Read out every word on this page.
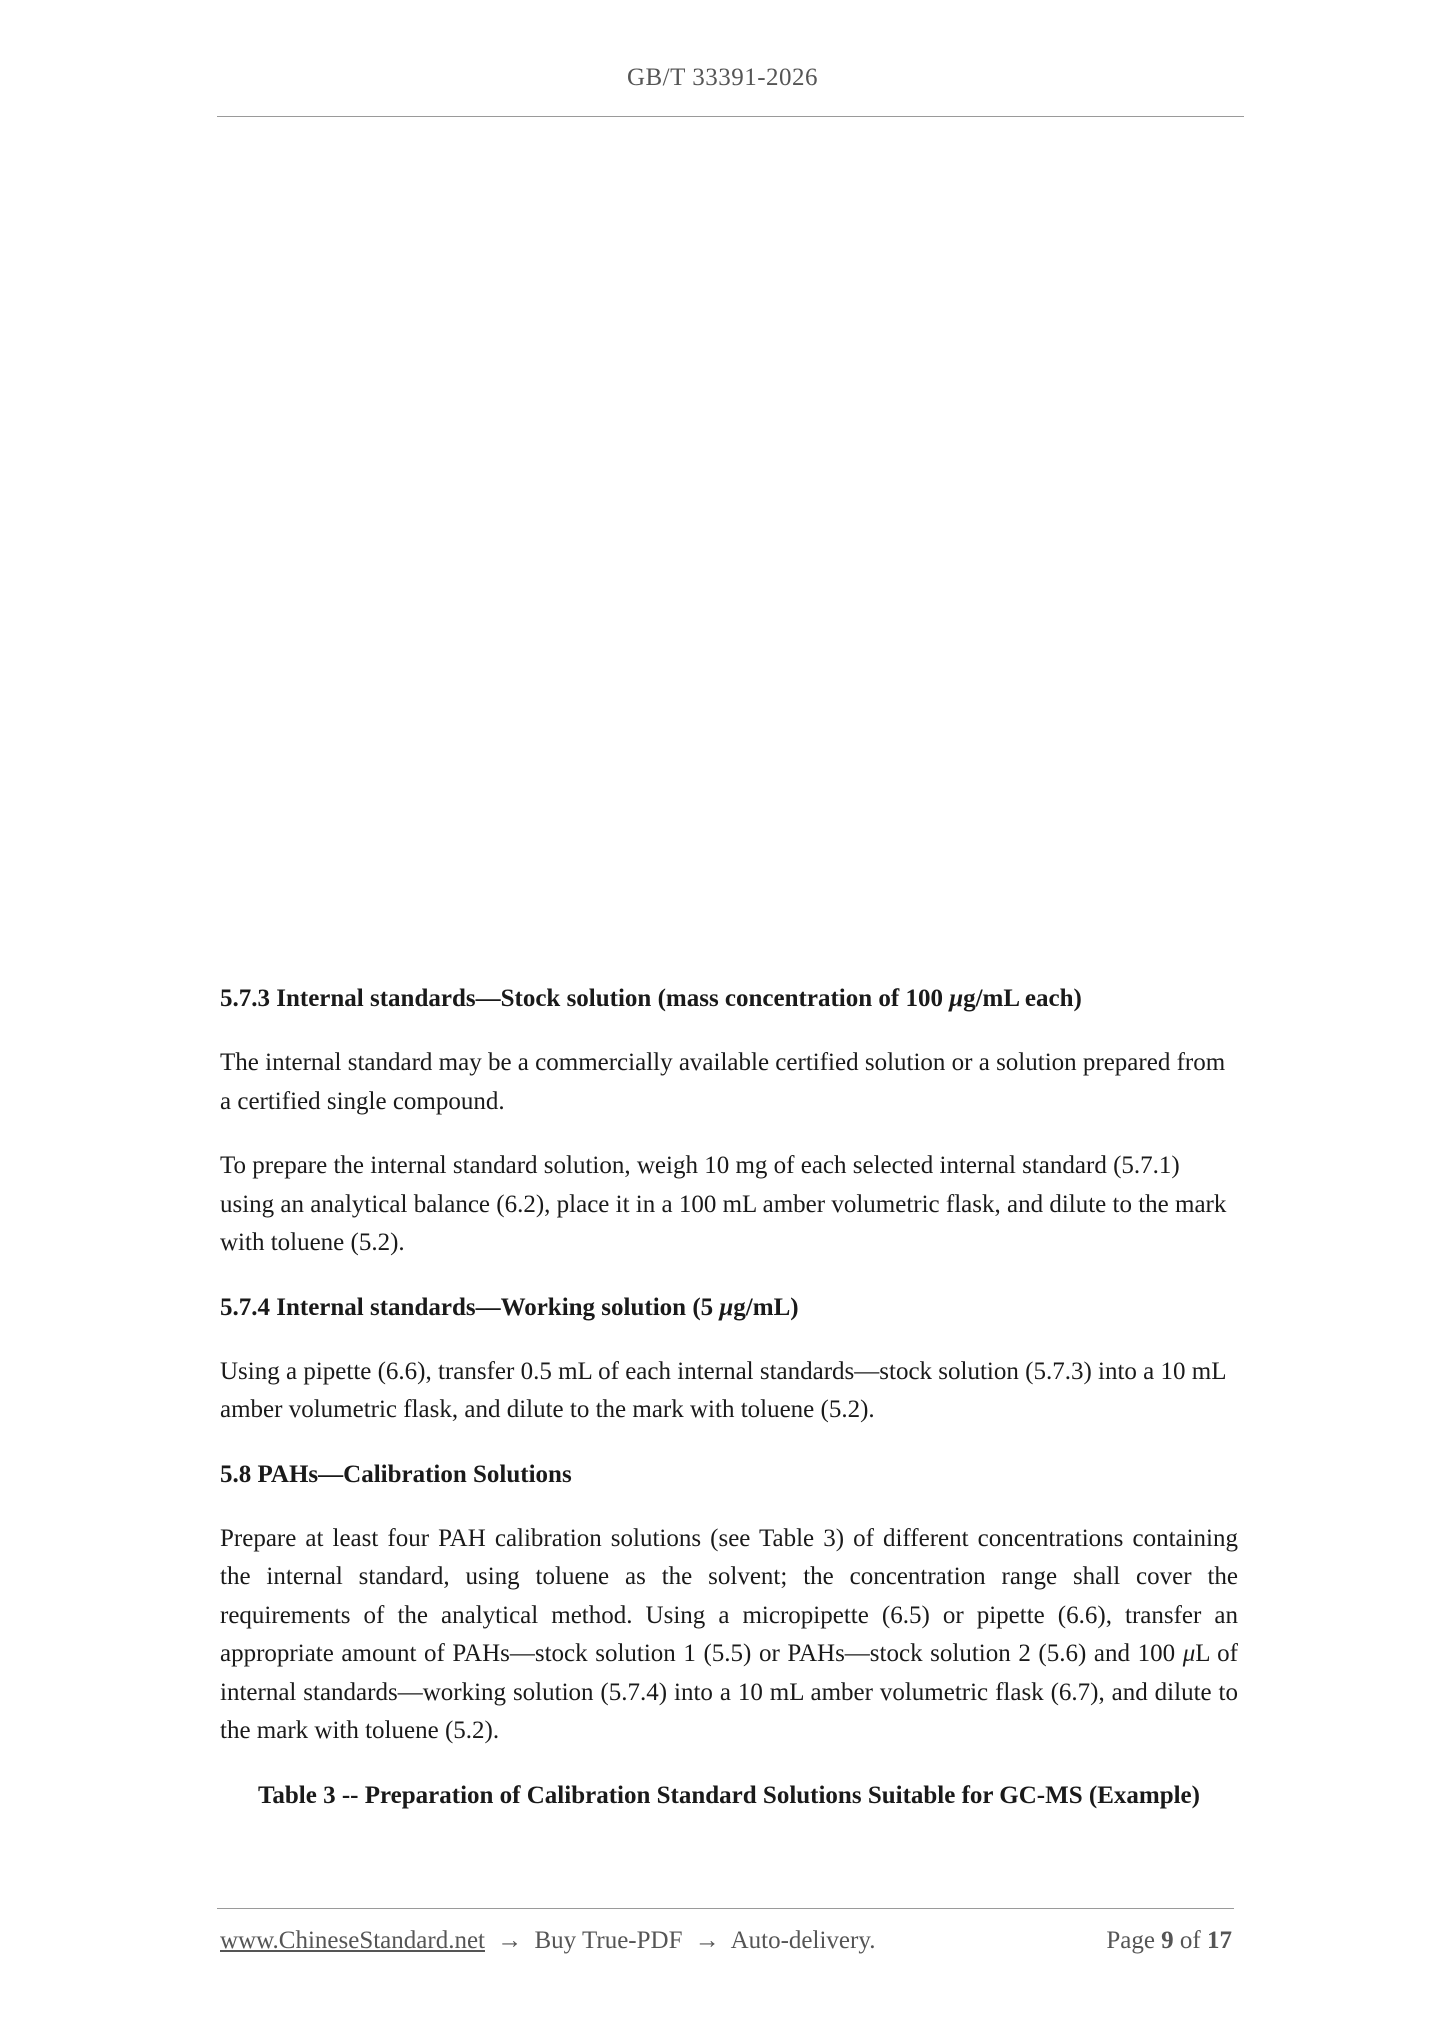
GB/T 33391-2026

5.7.3 Internal standards—Stock solution (mass concentration of 100 μg/mL each)

The internal standard may be a commercially available certified solution or a solution prepared from a certified single compound.

To prepare the internal standard solution, weigh 10 mg of each selected internal standard (5.7.1) using an analytical balance (6.2), place it in a 100 mL amber volumetric flask, and dilute to the mark with toluene (5.2).

5.7.4 Internal standards—Working solution (5 μg/mL)

Using a pipette (6.6), transfer 0.5 mL of each internal standards—stock solution (5.7.3) into a 10 mL amber volumetric flask, and dilute to the mark with toluene (5.2).

5.8 PAHs—Calibration Solutions

Prepare at least four PAH calibration solutions (see Table 3) of different concentrations containing the internal standard, using toluene as the solvent; the concentration range shall cover the requirements of the analytical method. Using a micropipette (6.5) or pipette (6.6), transfer an appropriate amount of PAHs—stock solution 1 (5.5) or PAHs—stock solution 2 (5.6) and 100 μL of internal standards—working solution (5.7.4) into a 10 mL amber volumetric flask (6.7), and dilute to the mark with toluene (5.2).

Table 3 -- Preparation of Calibration Standard Solutions Suitable for GC-MS (Example)

www.ChineseStandard.net → Buy True-PDF → Auto-delivery.	Page 9 of 17
